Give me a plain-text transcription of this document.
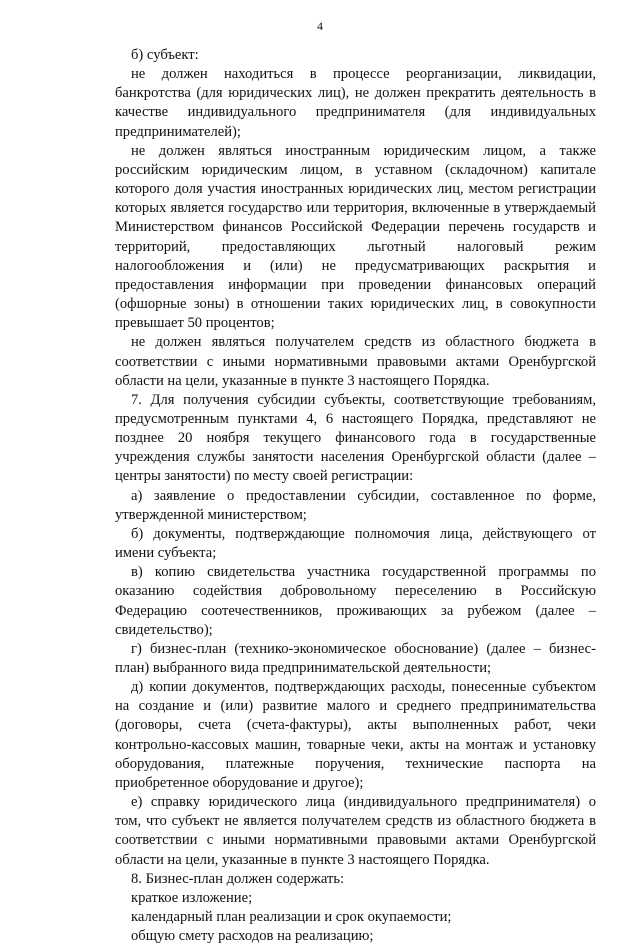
4

б) субъект:

не должен находиться в процессе реорганизации, ликвидации, банкротства (для юридических лиц), не должен прекратить деятельность в качестве индивидуального предпринимателя (для индивидуальных предпринимателей);

не должен являться иностранным юридическим лицом, а также российским юридическим лицом, в уставном (складочном) капитале которого доля участия иностранных юридических лиц, местом регистрации которых является государство или территория, включенные в утверждаемый Министерством финансов Российской Федерации перечень государств и территорий, предоставляющих льготный налоговый режим налогообложения и (или) не предусматривающих раскрытия и предоставления информации при проведении финансовых операций (офшорные зоны) в отношении таких юридических лиц, в совокупности превышает 50 процентов;

не должен являться получателем средств из областного бюджета в соответствии с иными нормативными правовыми актами Оренбургской области на цели, указанные в пункте 3 настоящего Порядка.

7. Для получения субсидии субъекты, соответствующие требованиям, предусмотренным пунктами 4, 6 настоящего Порядка, представляют не позднее 20 ноября текущего финансового года в государственные учреждения службы занятости населения Оренбургской области (далее – центры занятости) по месту своей регистрации:

а) заявление о предоставлении субсидии, составленное по форме, утвержденной министерством;

б) документы, подтверждающие полномочия лица, действующего от имени субъекта;

в) копию свидетельства участника государственной программы по оказанию содействия добровольному переселению в Российскую Федерацию соотечественников, проживающих за рубежом (далее – свидетельство);

г) бизнес-план (технико-экономическое обоснование) (далее – бизнес-план) выбранного вида предпринимательской деятельности;

д) копии документов, подтверждающих расходы, понесенные субъектом на создание и (или) развитие малого и среднего предпринимательства (договоры, счета (счета-фактуры), акты выполненных работ, чеки контрольно-кассовых машин, товарные чеки, акты на монтаж и установку оборудования, платежные поручения, технические паспорта на приобретенное оборудование и другое);

е) справку юридического лица (индивидуального предпринимателя) о том, что субъект не является получателем средств из областного бюджета в соответствии с иными нормативными правовыми актами Оренбургской области на цели, указанные в пункте 3 настоящего Порядка.

8. Бизнес-план должен содержать:

краткое изложение;

календарный план реализации и срок окупаемости;

общую смету расходов на реализацию;
